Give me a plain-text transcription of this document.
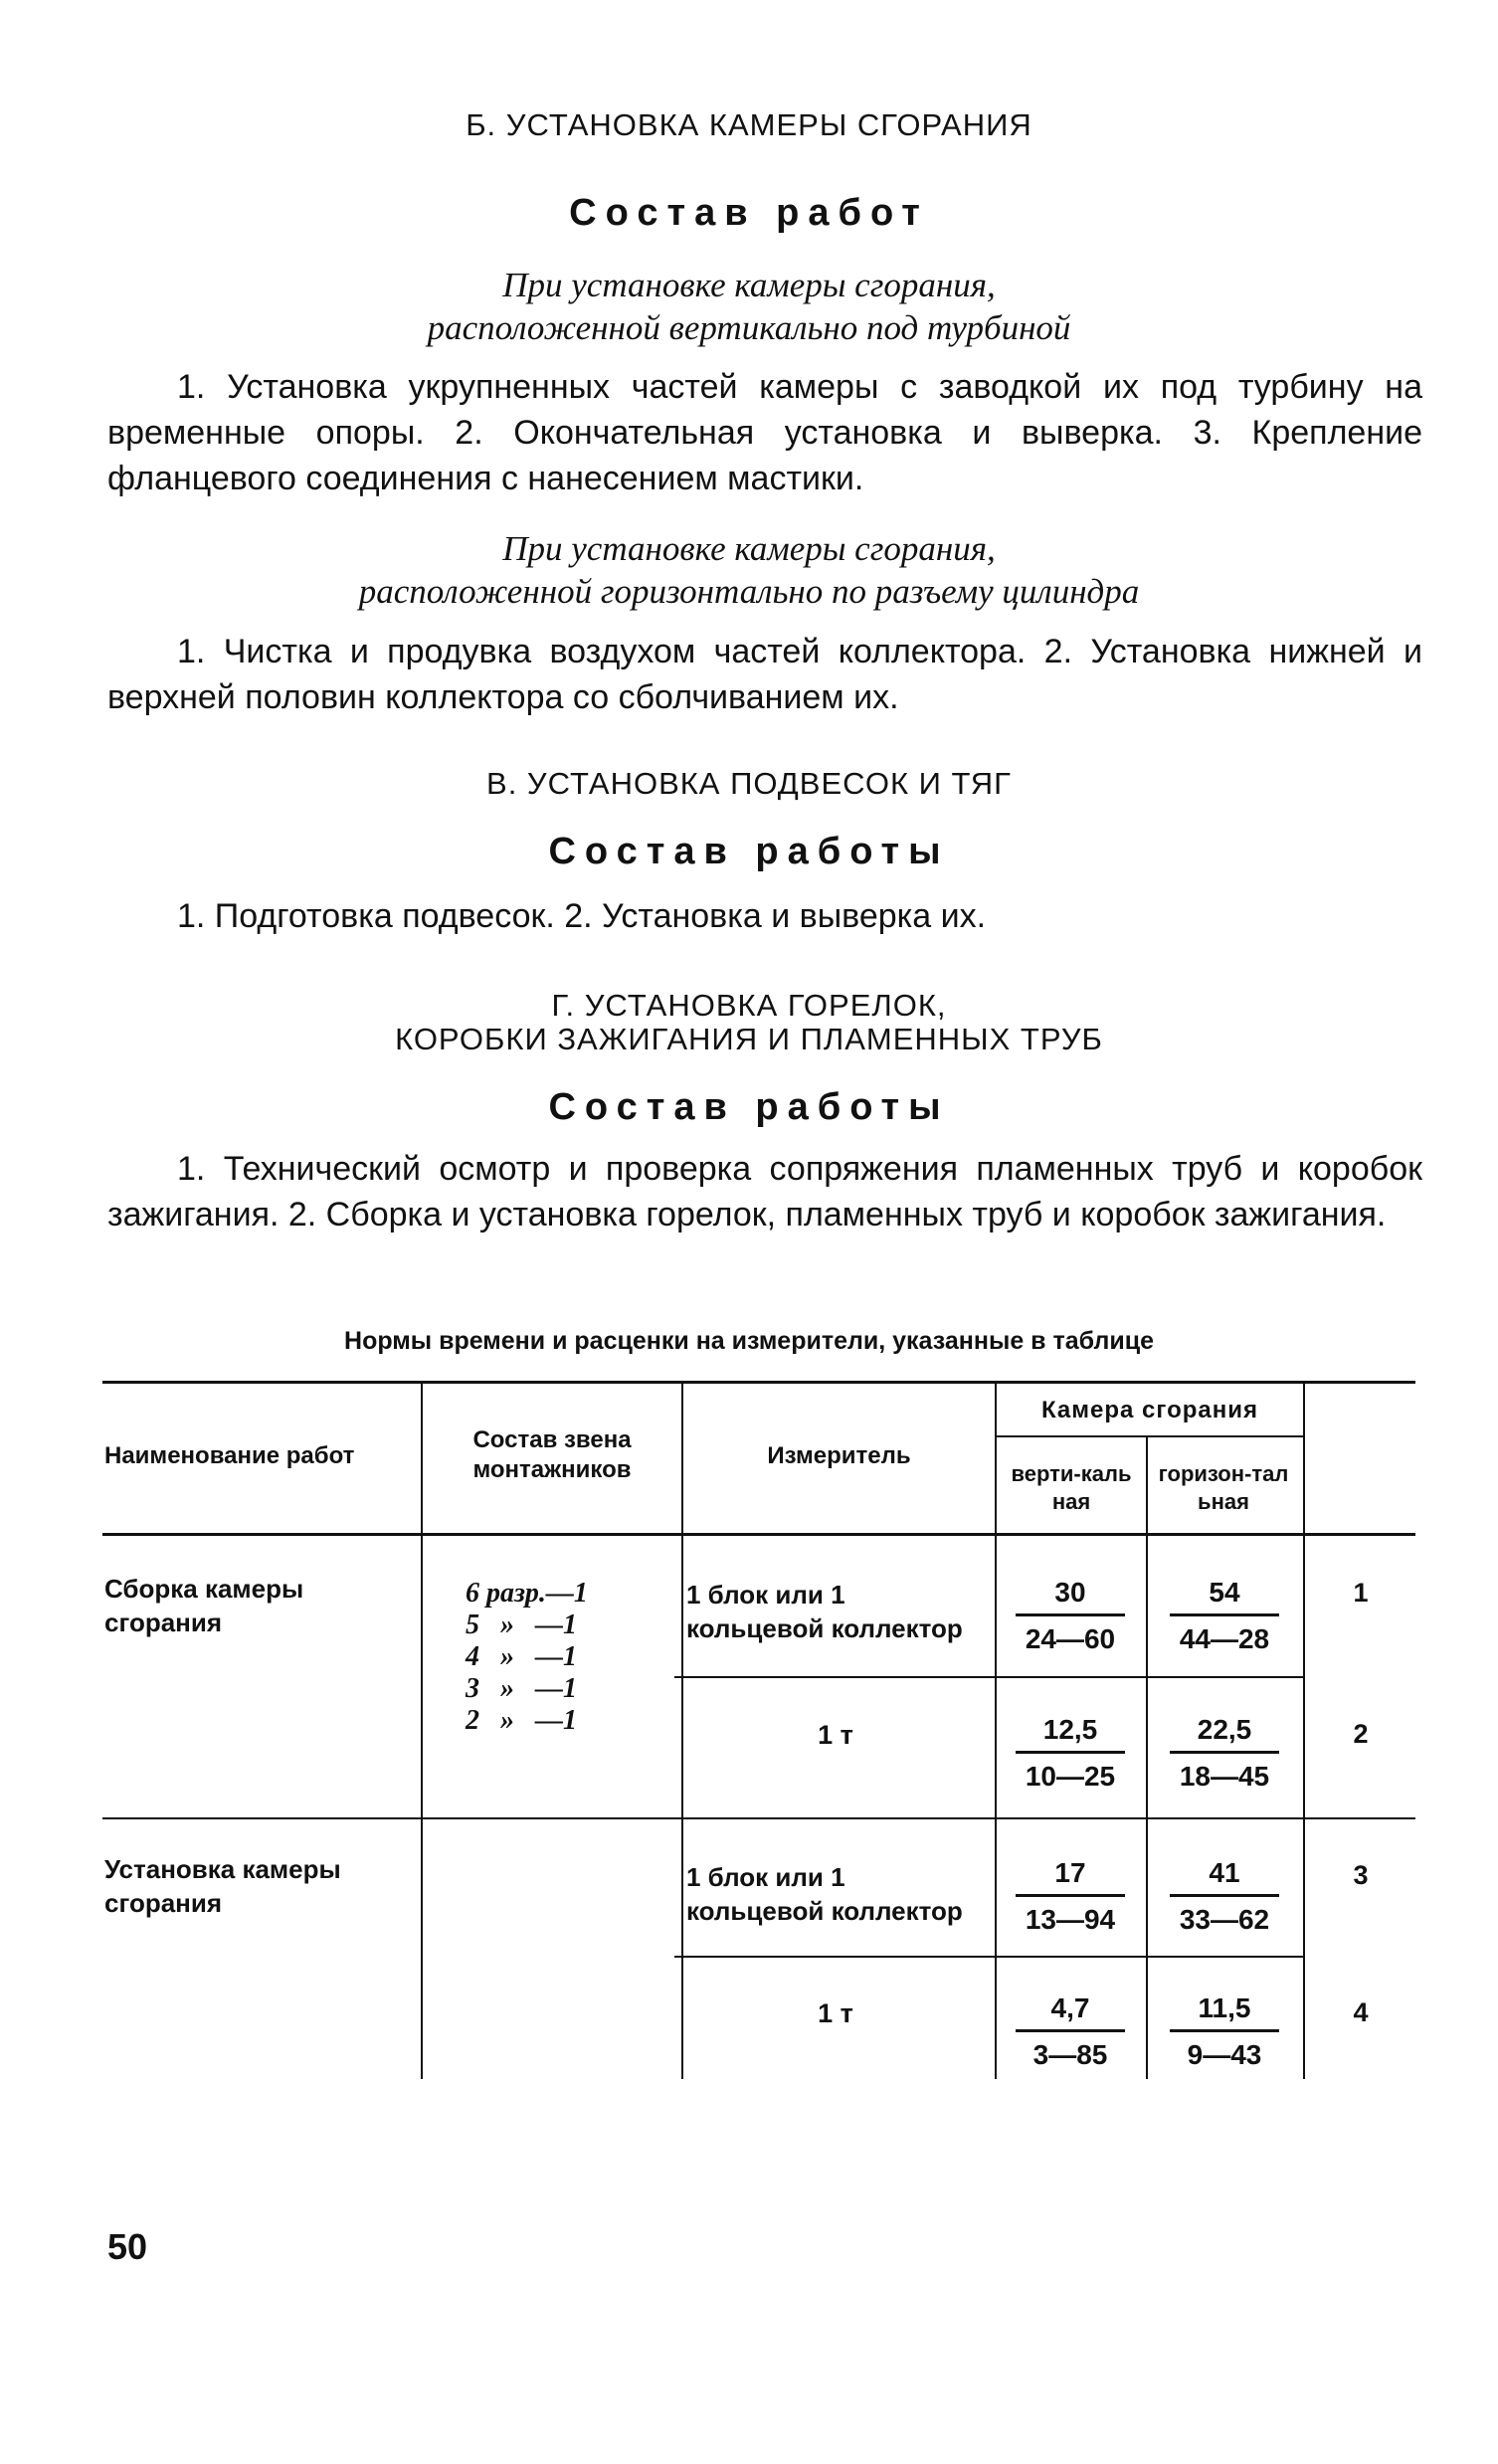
Б. УСТАНОВКА КАМЕРЫ СГОРАНИЯ
Состав работ
При установке камеры сгорания,
расположенной вертикально под турбиной

1. Установка укрупненных частей камеры с заводкой их под турбину на временные опоры. 2. Окончательная установка и выверка. 3. Крепление фланцевого соединения с нанесением мастики.

При установке камеры сгорания,
расположенной горизонтально по разъему цилиндра

1. Чистка и продувка воздухом частей коллектора. 2. Установка нижней и верхней половин коллектора со сболчиванием их.

В. УСТАНОВКА ПОДВЕСОК И ТЯГ
Состав работы

1. Подготовка подвесок. 2. Установка и выверка их.

Г. УСТАНОВКА ГОРЕЛОК,
КОРОБКИ ЗАЖИГАНИЯ И ПЛАМЕННЫХ ТРУБ
Состав работы

1. Технический осмотр и проверка сопряжения пламенных труб и коробок зажигания. 2. Сборка и установка горелок, пламенных труб и коробок зажигания.

Нормы времени и расценки на измерители, указанные в таблице
Наименование работ
Состав звена монтажников
Измеритель
Камера сгорания
верти-кальная
горизон-тальная
Сборка камеры сгорания
Установка камеры сгорания
6 разр.—1
5   »   —1
4   »   —1
3   »   —1
2   »   —1
1 блок или 1 кольцевой коллектор
1 т
1 блок или 1 кольцевой коллектор
1 т
30
24—60
54
44—28
1
12,5
10—25
22,5
18—45
2
17
13—94
41
33—62
3
4,7
3—85
11,5
9—43
4
50
